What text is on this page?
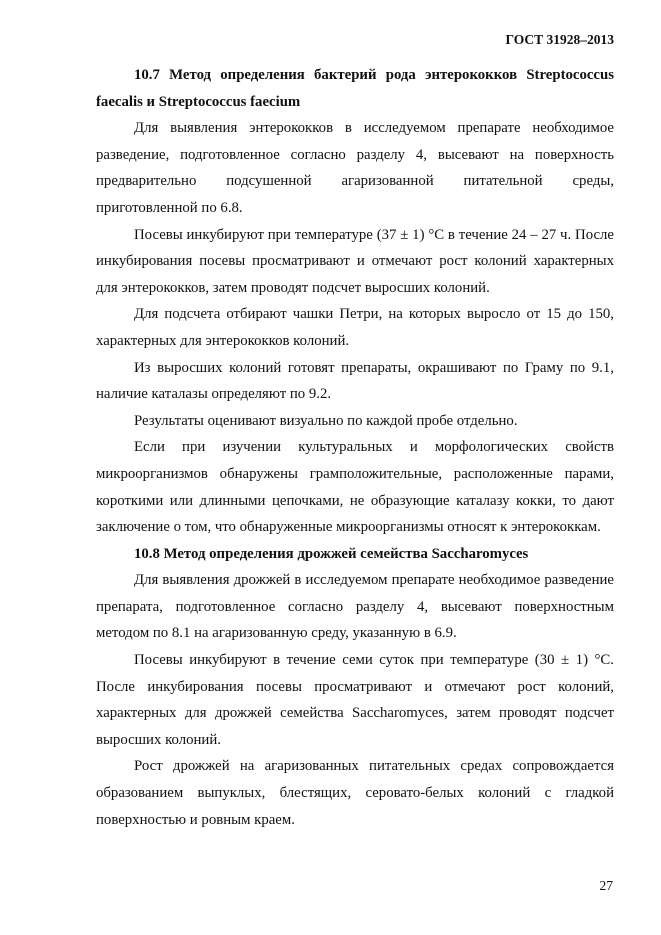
ГОСТ 31928–2013

10.7 Метод определения бактерий рода энтерококков Streptococcus faecalis и Streptococcus faecium

Для выявления энтерококков в исследуемом препарате необходимое разведение, подготовленное согласно разделу 4, высевают на поверхность предварительно подсушенной агаризованной питательной среды, приготовленной по 6.8.

Посевы инкубируют при температуре (37 ± 1) °С в течение 24 – 27 ч. После инкубирования посевы просматривают и отмечают рост колоний характерных для энтерококков, затем проводят подсчет выросших колоний.

Для подсчета отбирают чашки Петри, на которых выросло от 15 до 150, характерных для энтерококков колоний.

Из выросших колоний готовят препараты, окрашивают по Граму по 9.1, наличие каталазы определяют по 9.2.

Результаты оценивают визуально по каждой пробе отдельно.

Если при изучении культуральных и морфологических свойств микроорганизмов обнаружены грамположительные, расположенные парами, короткими или длинными цепочками, не образующие каталазу кокки, то дают заключение о том, что обнаруженные микроорганизмы относят к энтерококкам.

10.8 Метод определения дрожжей семейства Saccharomyces

Для выявления дрожжей в исследуемом препарате необходимое разведение препарата, подготовленное согласно разделу 4, высевают поверхностным методом по 8.1 на агаризованную среду, указанную в 6.9.

Посевы инкубируют в течение семи суток при температуре (30 ± 1) °С. После инкубирования посевы просматривают и отмечают рост колоний, характерных для дрожжей семейства Saccharomyces, затем проводят подсчет выросших колоний.

Рост дрожжей на агаризованных питательных средах сопровождается образованием выпуклых, блестящих, серовато-белых колоний с гладкой поверхностью и ровным краем.

27
